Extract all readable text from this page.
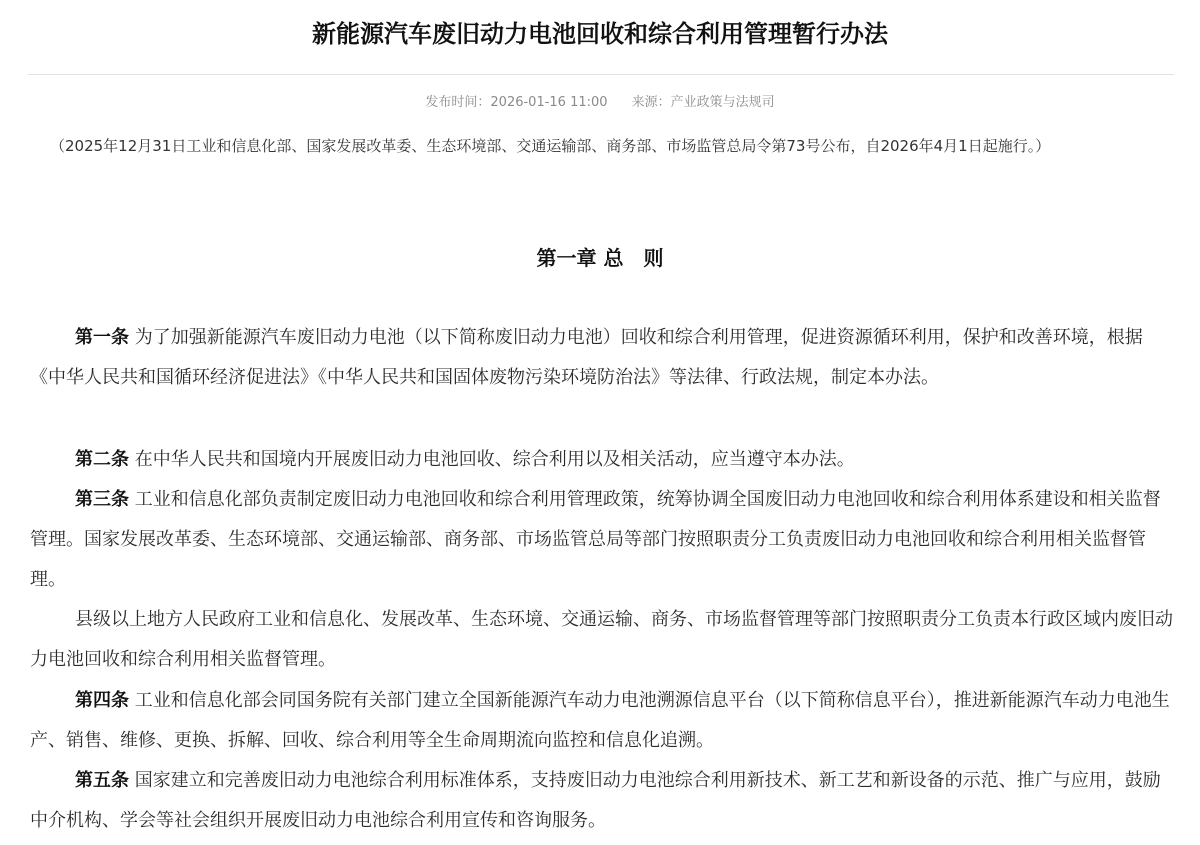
新能源汽车废旧动力电池回收和综合利用管理暂行办法
发布时间：2026-01-16 11:00 来源：产业政策与法规司
（2025年12月31日工业和信息化部、国家发展改革委、生态环境部、交通运输部、商务部、市场监管总局令第73号公布，自2026年4月1日起施行。）
第一章 总　则

第一条 为了加强新能源汽车废旧动力电池（以下简称废旧动力电池）回收和综合利用管理，促进资源循环利用，保护和改善环境，根据《中华人民共和国循环经济促进法》《中华人民共和国固体废物污染环境防治法》等法律、行政法规，制定本办法。

第二条 在中华人民共和国境内开展废旧动力电池回收、综合利用以及相关活动，应当遵守本办法。

第三条 工业和信息化部负责制定废旧动力电池回收和综合利用管理政策，统筹协调全国废旧动力电池回收和综合利用体系建设和相关监督管理。国家发展改革委、生态环境部、交通运输部、商务部、市场监管总局等部门按照职责分工负责废旧动力电池回收和综合利用相关监督管理。

县级以上地方人民政府工业和信息化、发展改革、生态环境、交通运输、商务、市场监督管理等部门按照职责分工负责本行政区域内废旧动力电池回收和综合利用相关监督管理。

第四条 工业和信息化部会同国务院有关部门建立全国新能源汽车动力电池溯源信息平台（以下简称信息平台），推进新能源汽车动力电池生产、销售、维修、更换、拆解、回收、综合利用等全生命周期流向监控和信息化追溯。

第五条 国家建立和完善废旧动力电池综合利用标准体系，支持废旧动力电池综合利用新技术、新工艺和新设备的示范、推广与应用，鼓励中介机构、学会等社会组织开展废旧动力电池综合利用宣传和咨询服务。
